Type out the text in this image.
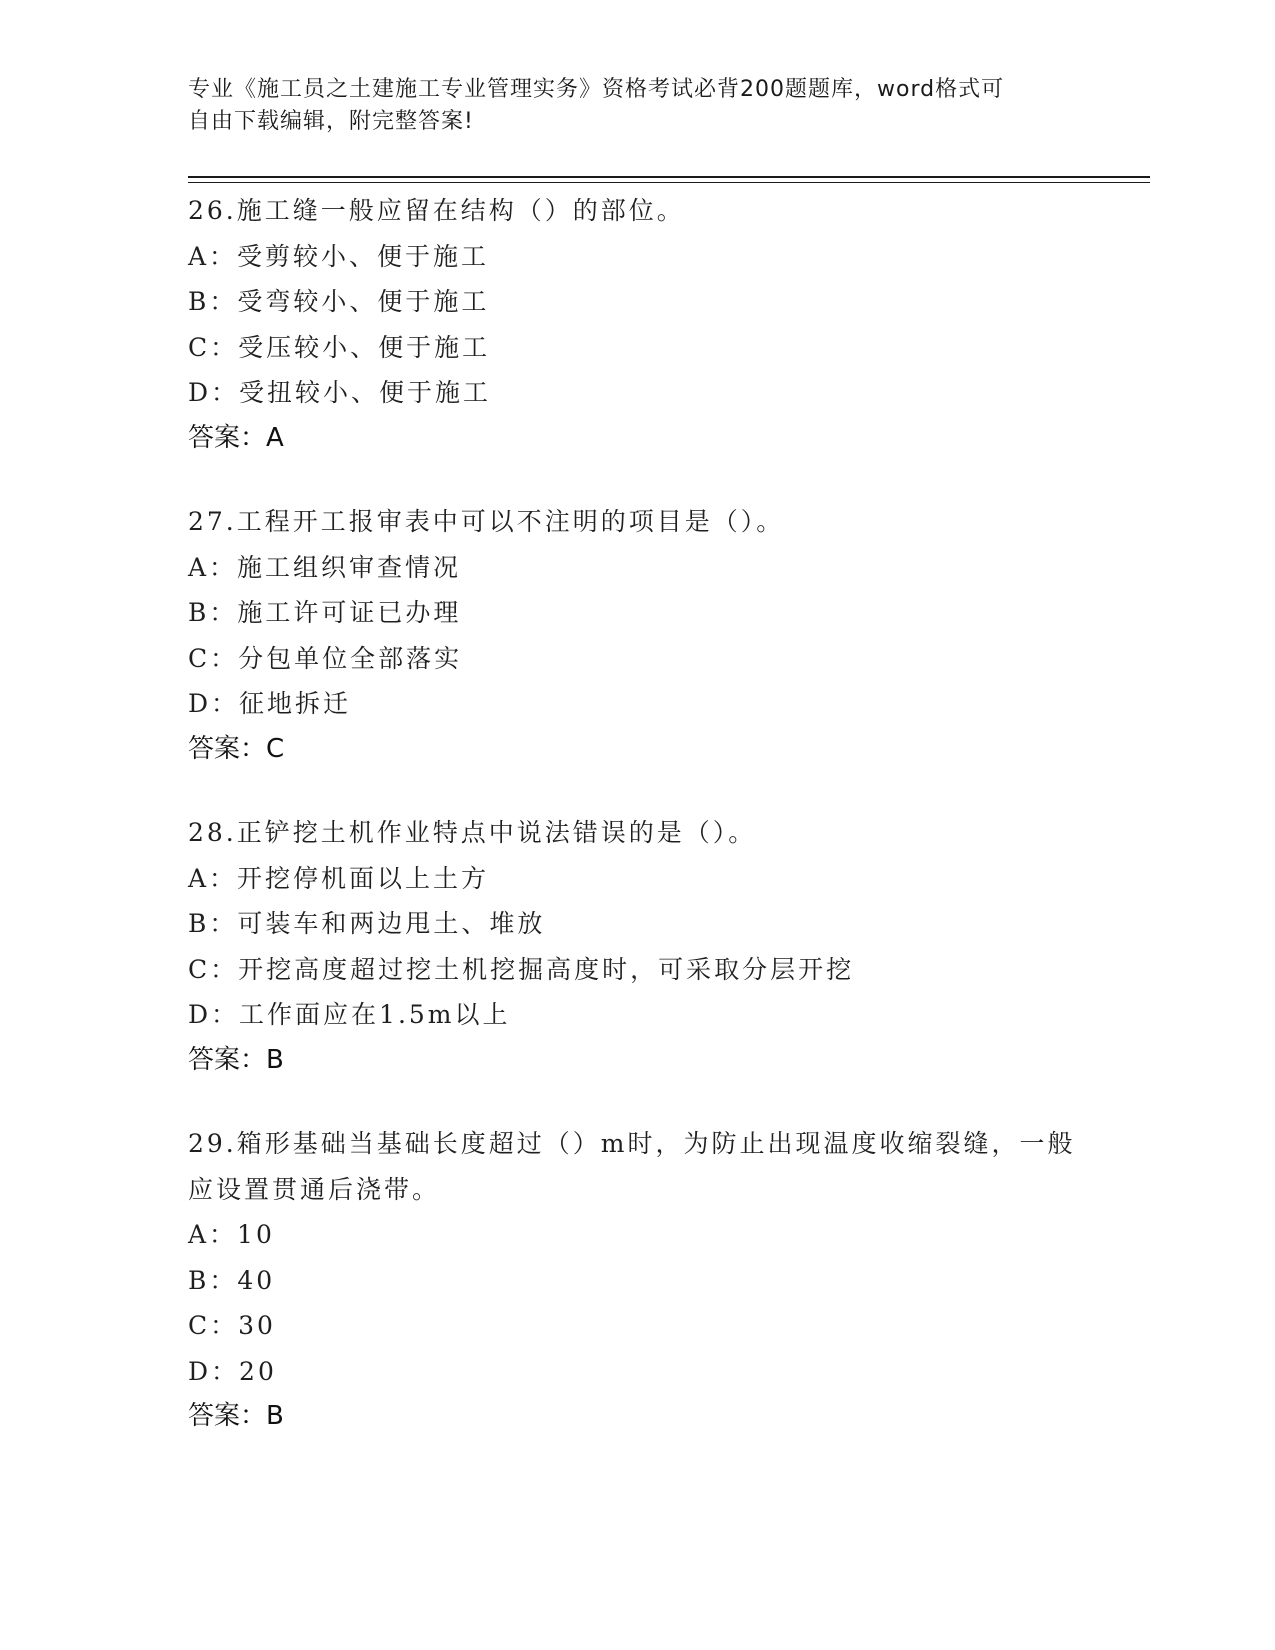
专业《施工员之土建施工专业管理实务》资格考试必背200题题库，word格式可
自由下载编辑，附完整答案!
26.施工缝一般应留在结构（）的部位。
A：受剪较小、便于施工
B：受弯较小、便于施工
C：受压较小、便于施工
D：受扭较小、便于施工
答案：A
27.工程开工报审表中可以不注明的项目是（）。
A：施工组织审查情况
B：施工许可证已办理
C：分包单位全部落实
D：征地拆迁
答案：C
28.正铲挖土机作业特点中说法错误的是（）。
A：开挖停机面以上土方
B：可装车和两边甩土、堆放
C：开挖高度超过挖土机挖掘高度时，可采取分层开挖
D：工作面应在1.5m以上
答案：B
29.箱形基础当基础长度超过（）m时，为防止出现温度收缩裂缝，一般应设置贯通后浇带。
A：10
B：40
C：30
D：20
答案：B
